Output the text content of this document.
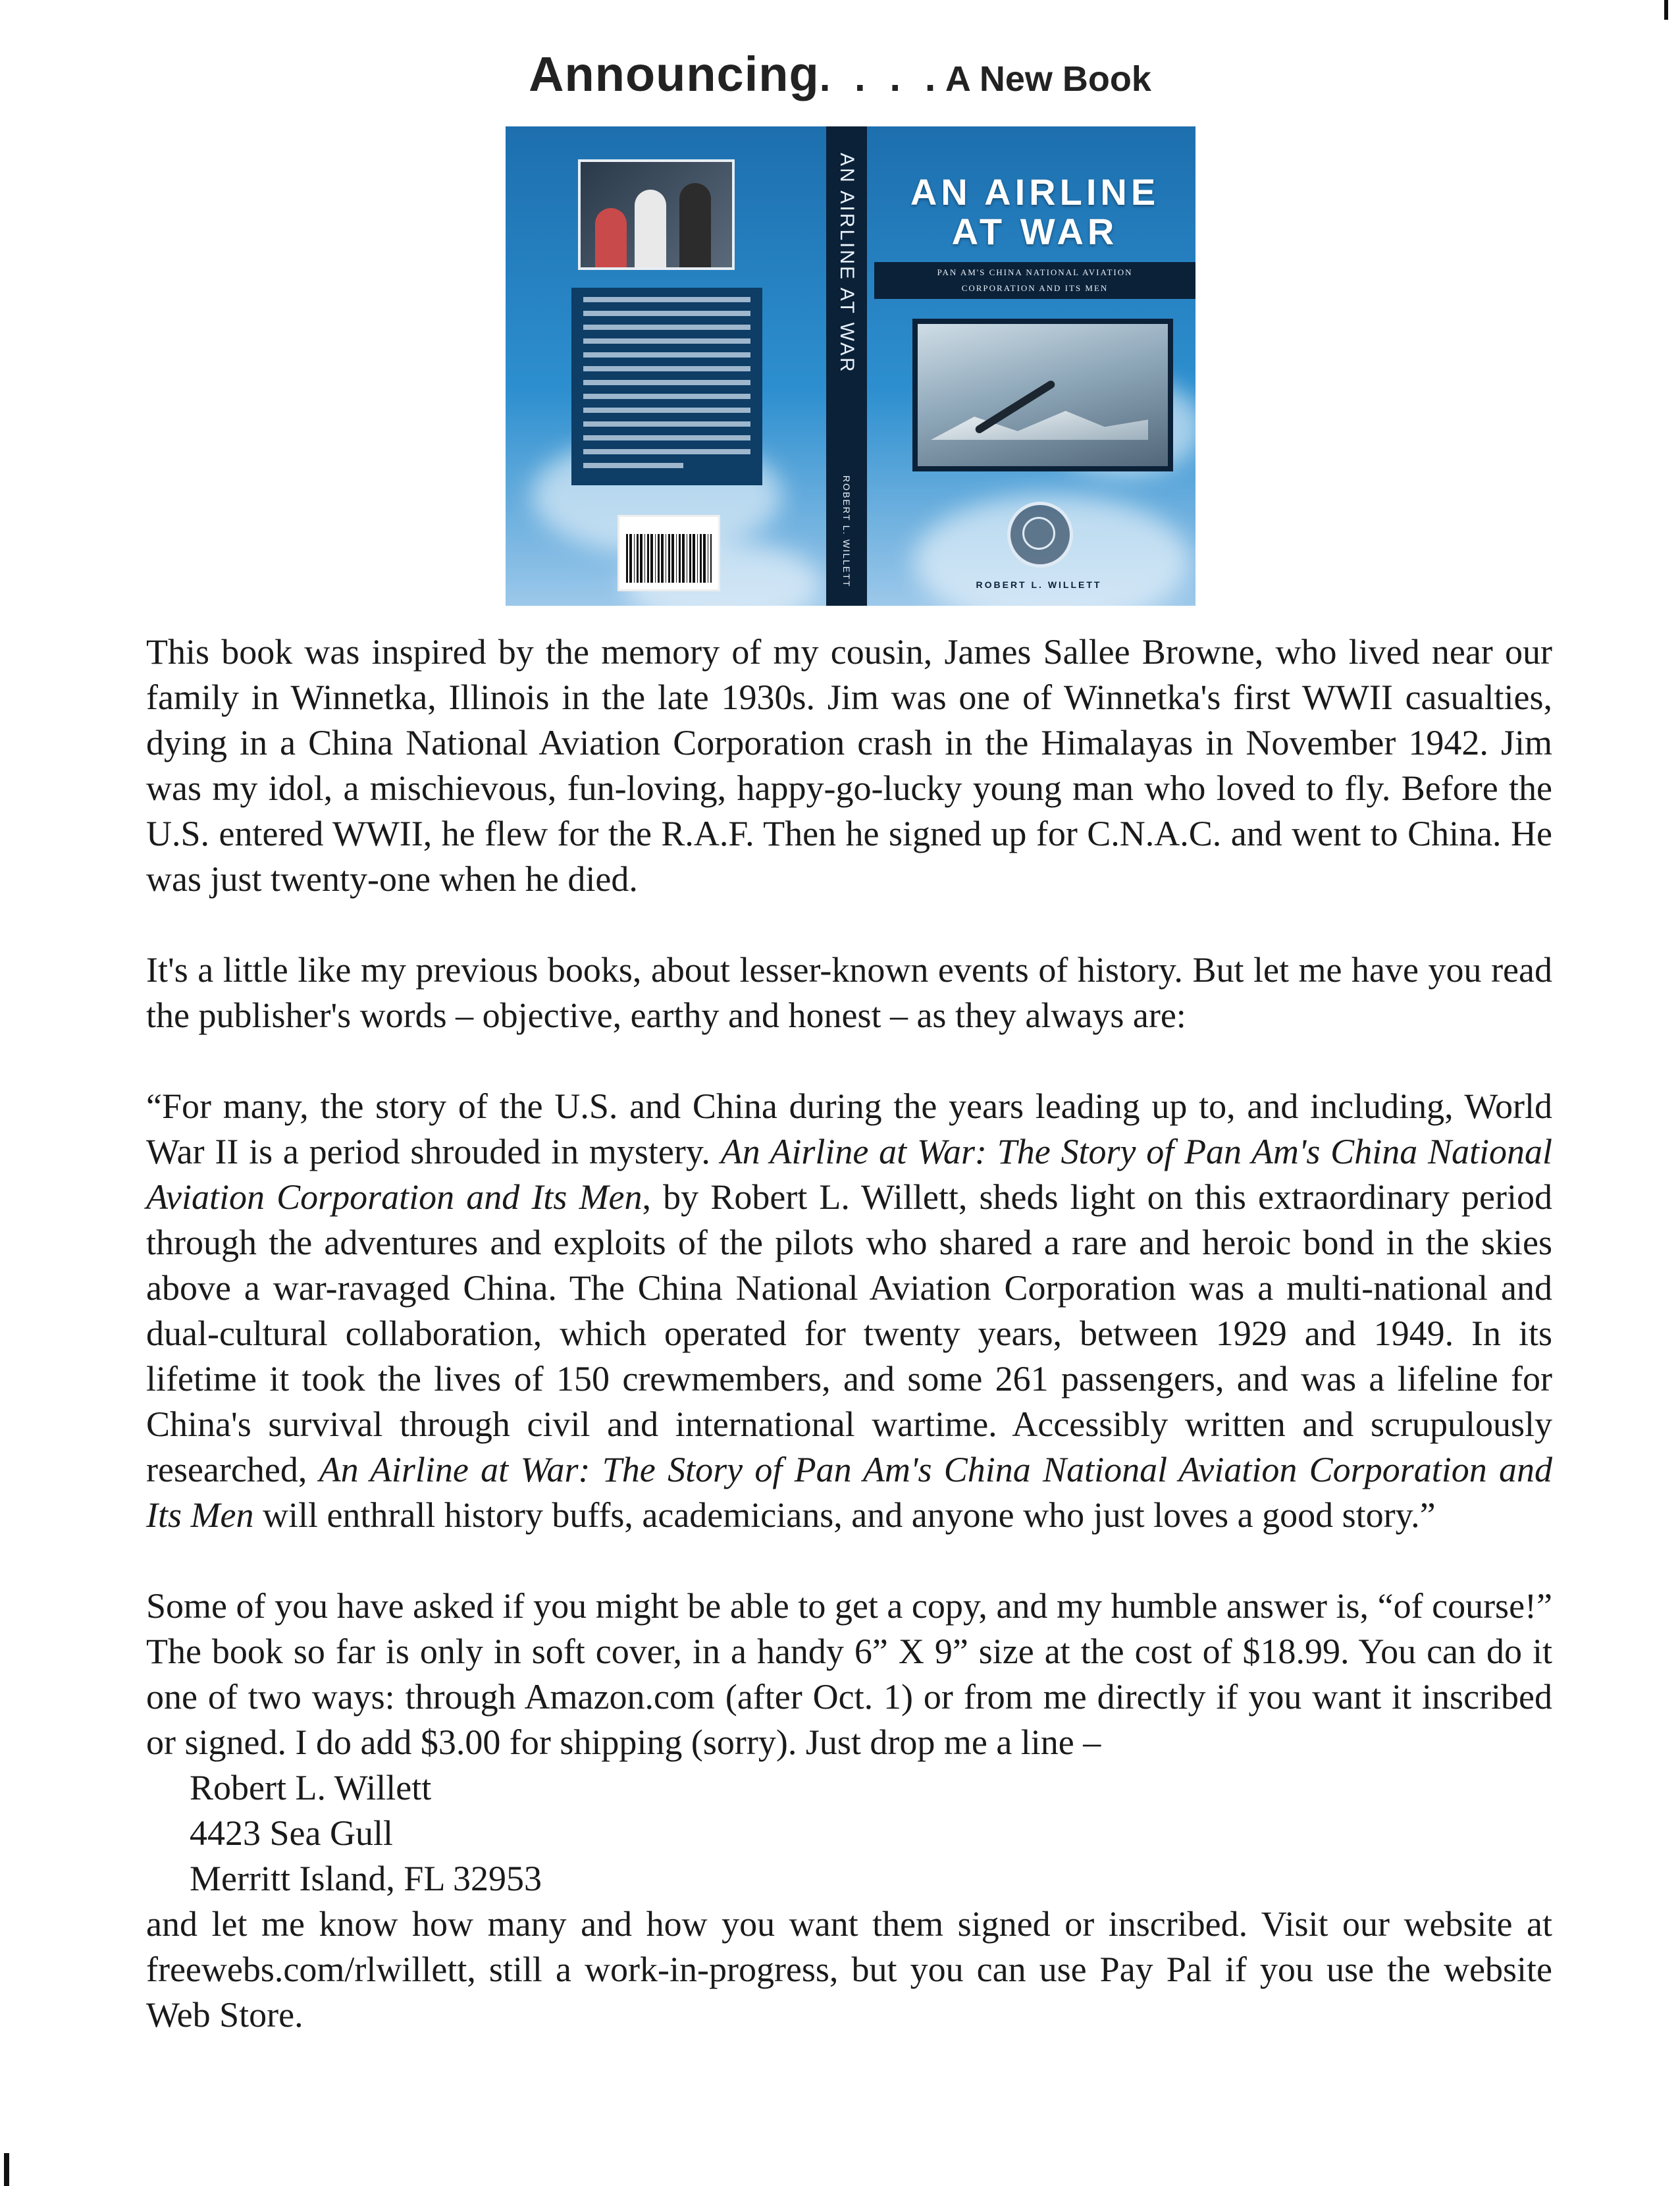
Announcing. . . . A New Book
AN AIRLINE AT WAR
ROBERT L. WILLETT
AN AIRLINE
AT WAR
PAN AM'S CHINA NATIONAL AVIATION
CORPORATION AND ITS MEN
ROBERT L. WILLETT

This book was inspired by the memory of my cousin, James Sallee Browne, who lived near our family in Winnetka, Illinois in the late 1930s. Jim was one of Winnetka's first WWII casualties, dying in a China National Aviation Corporation crash in the Himalayas in November 1942. Jim was my idol, a mischievous, fun-loving, happy-go-lucky young man who loved to fly. Before the U.S. entered WWII, he flew for the R.A.F. Then he signed up for C.N.A.C. and went to China. He was just twenty-one when he died.

It's a little like my previous books, about lesser-known events of history. But let me have you read the publisher's words – objective, earthy and honest – as they always are:

“For many, the story of the U.S. and China during the years leading up to, and including, World War II is a period shrouded in mystery. An Airline at War: The Story of Pan Am's China National Aviation Corporation and Its Men, by Robert L. Willett, sheds light on this extraordinary period through the adventures and exploits of the pilots who shared a rare and heroic bond in the skies above a war-ravaged China. The China National Aviation Corporation was a multi-national and dual-cultural collaboration, which operated for twenty years, between 1929 and 1949. In its lifetime it took the lives of 150 crewmembers, and some 261 passengers, and was a lifeline for China's survival through civil and international wartime. Accessibly written and scrupulously researched, An Airline at War: The Story of Pan Am's China National Aviation Corporation and Its Men will enthrall history buffs, academicians, and anyone who just loves a good story.”

Some of you have asked if you might be able to get a copy, and my humble answer is, “of course!” The book so far is only in soft cover, in a handy 6” X 9” size at the cost of $18.99. You can do it one of two ways: through Amazon.com (after Oct. 1) or from me directly if you want it inscribed or signed. I do add $3.00 for shipping (sorry). Just drop me a line –

Robert L. Willett
4423 Sea Gull
Merritt Island, FL 32953

and let me know how many and how you want them signed or inscribed. Visit our website at freewebs.com/rlwillett, still a work-in-progress, but you can use Pay Pal if you use the website Web Store.
